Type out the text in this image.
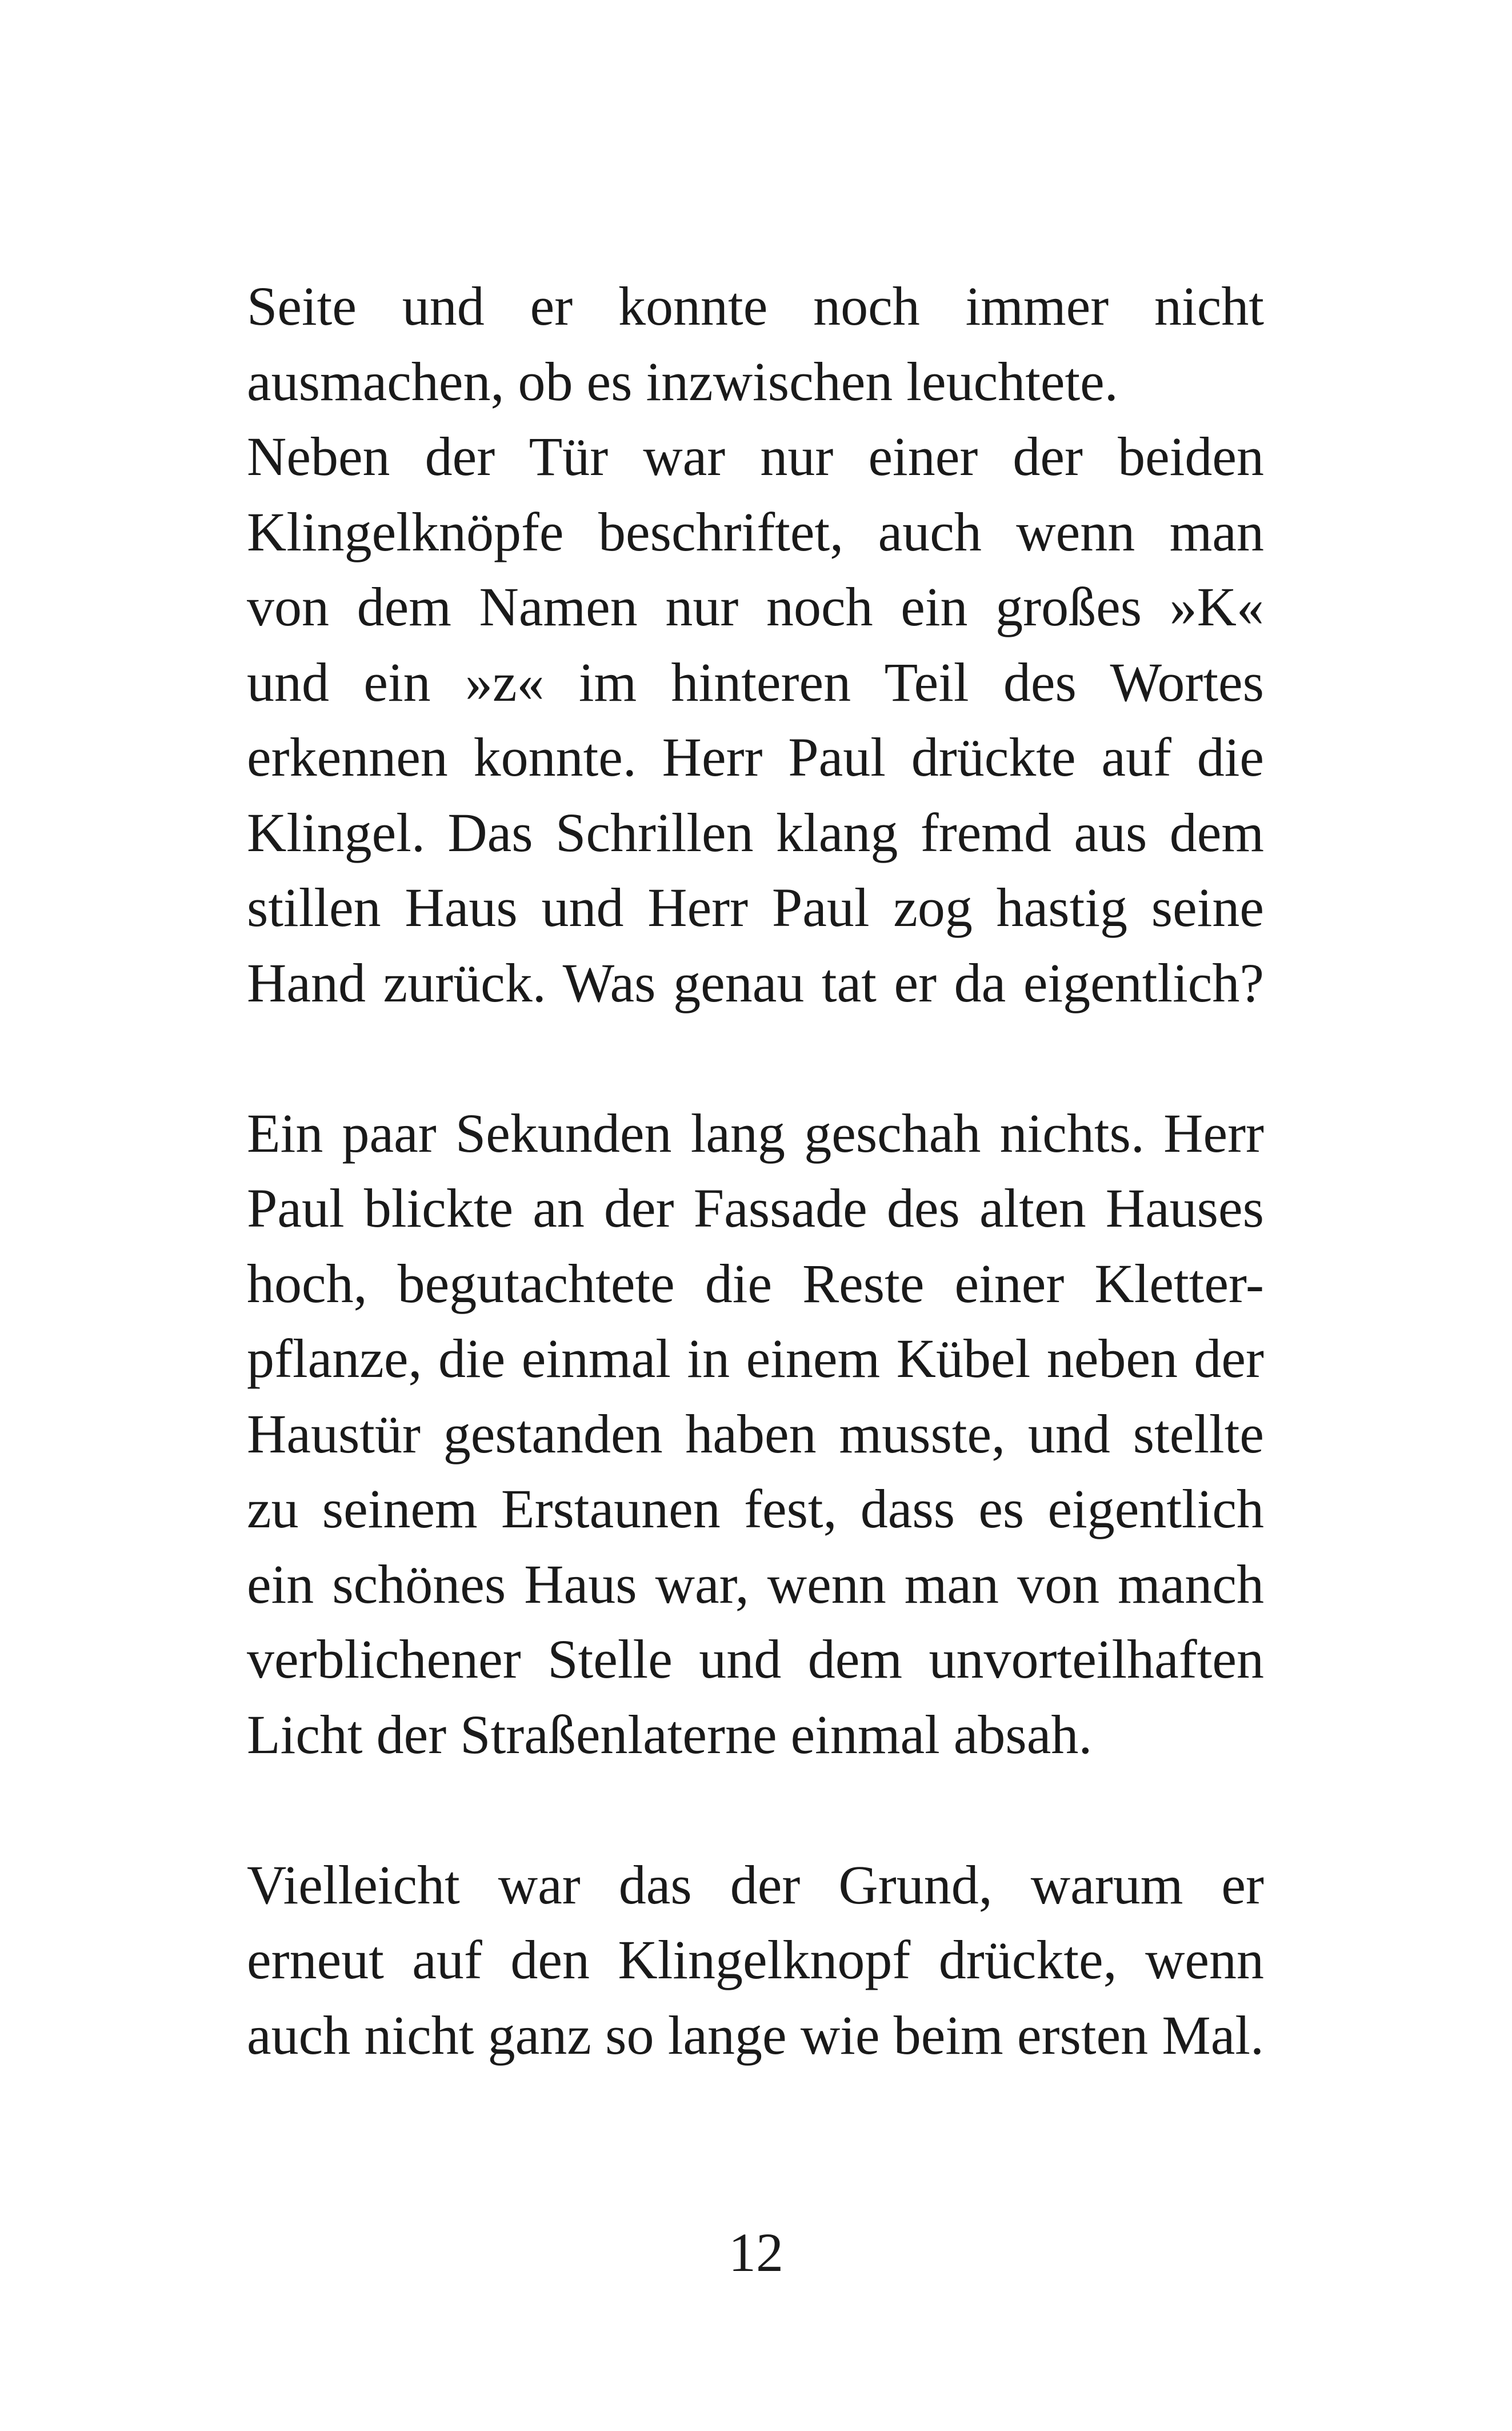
Seite und er konnte noch immer nicht
ausmachen, ob es inzwischen leuchtete.
Neben der Tür war nur einer der beiden
Klingelknöpfe beschriftet, auch wenn man
von dem Namen nur noch ein großes »K«
und ein »z« im hinteren Teil des Wortes
erkennen konnte. Herr Paul drückte auf die
Klingel. Das Schrillen klang fremd aus dem
stillen Haus und Herr Paul zog hastig seine
Hand zurück. Was genau tat er da eigentlich?
Ein paar Sekunden lang geschah nichts. Herr
Paul blickte an der Fassade des alten Hauses
hoch, begutachtete die Reste einer Kletter-
pflanze, die einmal in einem Kübel neben der
Haustür gestanden haben musste, und stellte
zu seinem Erstaunen fest, dass es eigentlich
ein schönes Haus war, wenn man von manch
verblichener Stelle und dem unvorteilhaften
Licht der Straßenlaterne einmal absah.
Vielleicht war das der Grund, warum er
erneut auf den Klingelknopf drückte, wenn
auch nicht ganz so lange wie beim ersten Mal.
12
